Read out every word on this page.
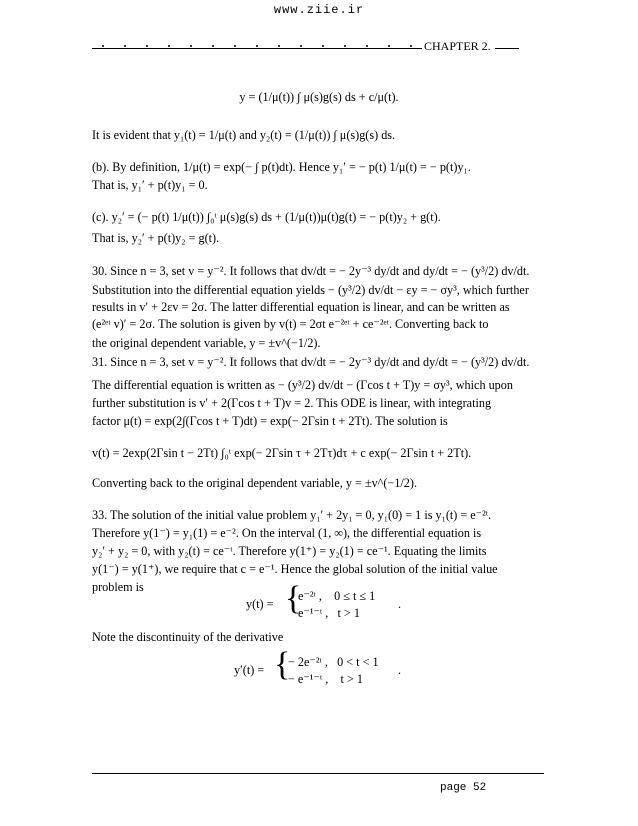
www.ziie.ir
CHAPTER 2.
y = (1/μ(t)) ∫ μ(s)g(s) ds + c/μ(t).
It is evident that y₁(t) = 1/μ(t) and y₂(t) = (1/μ(t)) ∫ μ(s)g(s) ds.
(b). By definition, 1/μ(t) = exp(− ∫ p(t)dt). Hence y₁′ = − p(t) 1/μ(t) = − p(t)y₁.
That is, y₁′ + p(t)y₁ = 0.
(c). y₂′ = (− p(t) 1/μ(t)) ∫₀ᵗ μ(s)g(s) ds + (1/μ(t))μ(t)g(t) = − p(t)y₂ + g(t).
That is, y₂′ + p(t)y₂ = g(t).
30. Since n = 3, set v = y⁻². It follows that dv/dt = − 2y⁻³ dy/dt and dy/dt = − (y³/2) dv/dt.
Substitution into the differential equation yields − (y³/2) dv/dt − εy = − σy³, which further
results in v′ + 2εv = 2σ. The latter differential equation is linear, and can be written as
(e²ᵉᵗ v)′ = 2σ. The solution is given by v(t) = 2σt e⁻²ᵉᵗ + ce⁻²ᵉᵗ. Converting back to
the original dependent variable, y = ±v^(−1/2).
31. Since n = 3, set v = y⁻². It follows that dv/dt = − 2y⁻³ dy/dt and dy/dt = − (y³/2) dv/dt.
The differential equation is written as − (y³/2) dv/dt − (Γcos t + T)y = σy³, which upon
further substitution is v′ + 2(Γcos t + T)v = 2. This ODE is linear, with integrating
factor μ(t) = exp(2∫(Γcos t + T)dt) = exp(− 2Γsin t + 2Tt). The solution is
v(t) = 2exp(2Γsin t − 2Tt) ∫₀ᵗ exp(− 2Γsin τ + 2Tτ)dτ + c exp(− 2Γsin t + 2Tt).
Converting back to the original dependent variable, y = ±v^(−1/2).
33. The solution of the initial value problem y₁′ + 2y₁ = 0, y₁(0) = 1 is y₁(t) = e⁻²ᵗ.
Therefore y(1⁻) = y₁(1) = e⁻². On the interval (1, ∞), the differential equation is
y₂′ + y₂ = 0, with y₂(t) = ce⁻ᵗ. Therefore y(1⁺) = y₂(1) = ce⁻¹. Equating the limits
y(1⁻) = y(1⁺), we require that c = e⁻¹. Hence the global solution of the initial value
problem is
y(t) = {
e⁻²ᵗ ,    0 ≤ t ≤ 1
e⁻¹⁻ᵗ ,   t > 1
.
Note the discontinuity of the derivative
y′(t) = {
− 2e⁻²ᵗ ,   0 < t < 1
− e⁻¹⁻ᵗ ,    t > 1
.
page 52
